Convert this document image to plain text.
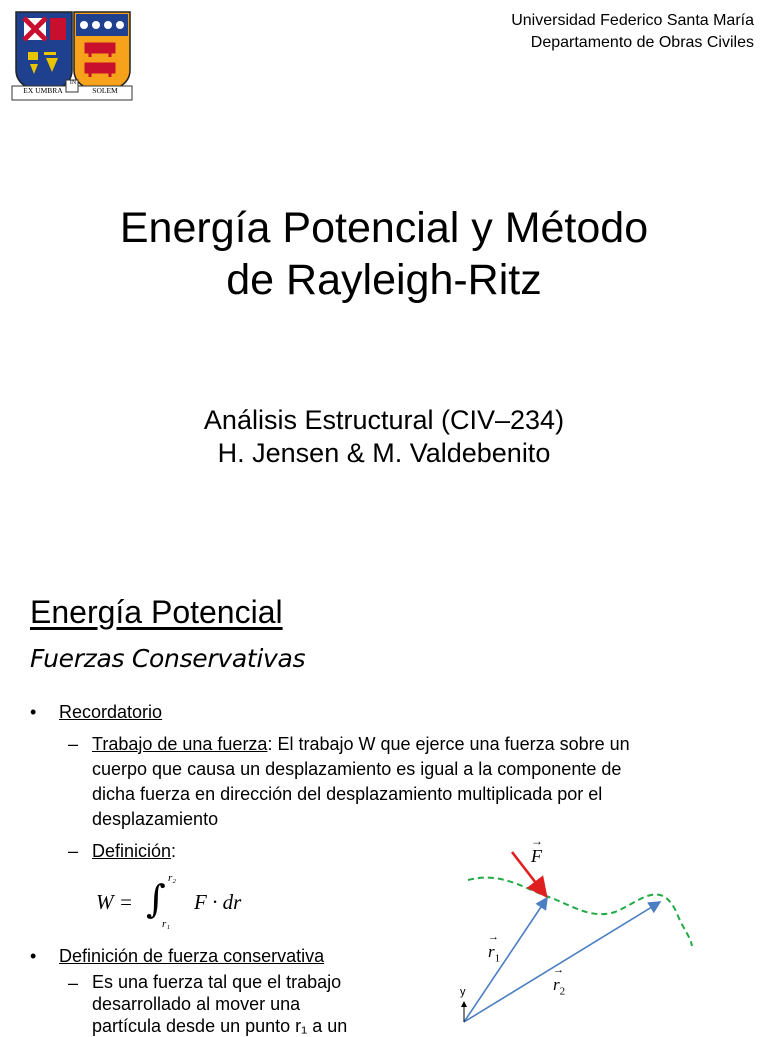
EX UMBRA
IN
SOLEM
Universidad Federico Santa María
Departamento de Obras Civiles
Energía Potencial y Método
de Rayleigh-Ritz
Análisis Estructural (CIV–234)
H. Jensen & M. Valdebenito
Energía Potencial
Fuerzas Conservativas
• Recordatorio
– Trabajo de una fuerza: El trabajo W que ejerce una fuerza sobre un
cuerpo que causa un desplazamiento es igual a la componente de
dicha fuerza en dirección del desplazamiento multiplicada por el
desplazamiento
– Definición:
W = ∫ r₂
r₁
F · dr
• Definición de fuerza conservativa
– Es una fuerza tal que el trabajo
desarrollado al mover una
partícula desde un punto r₁ a un
→
F
→
$r_1$
→
$r_2$
y
